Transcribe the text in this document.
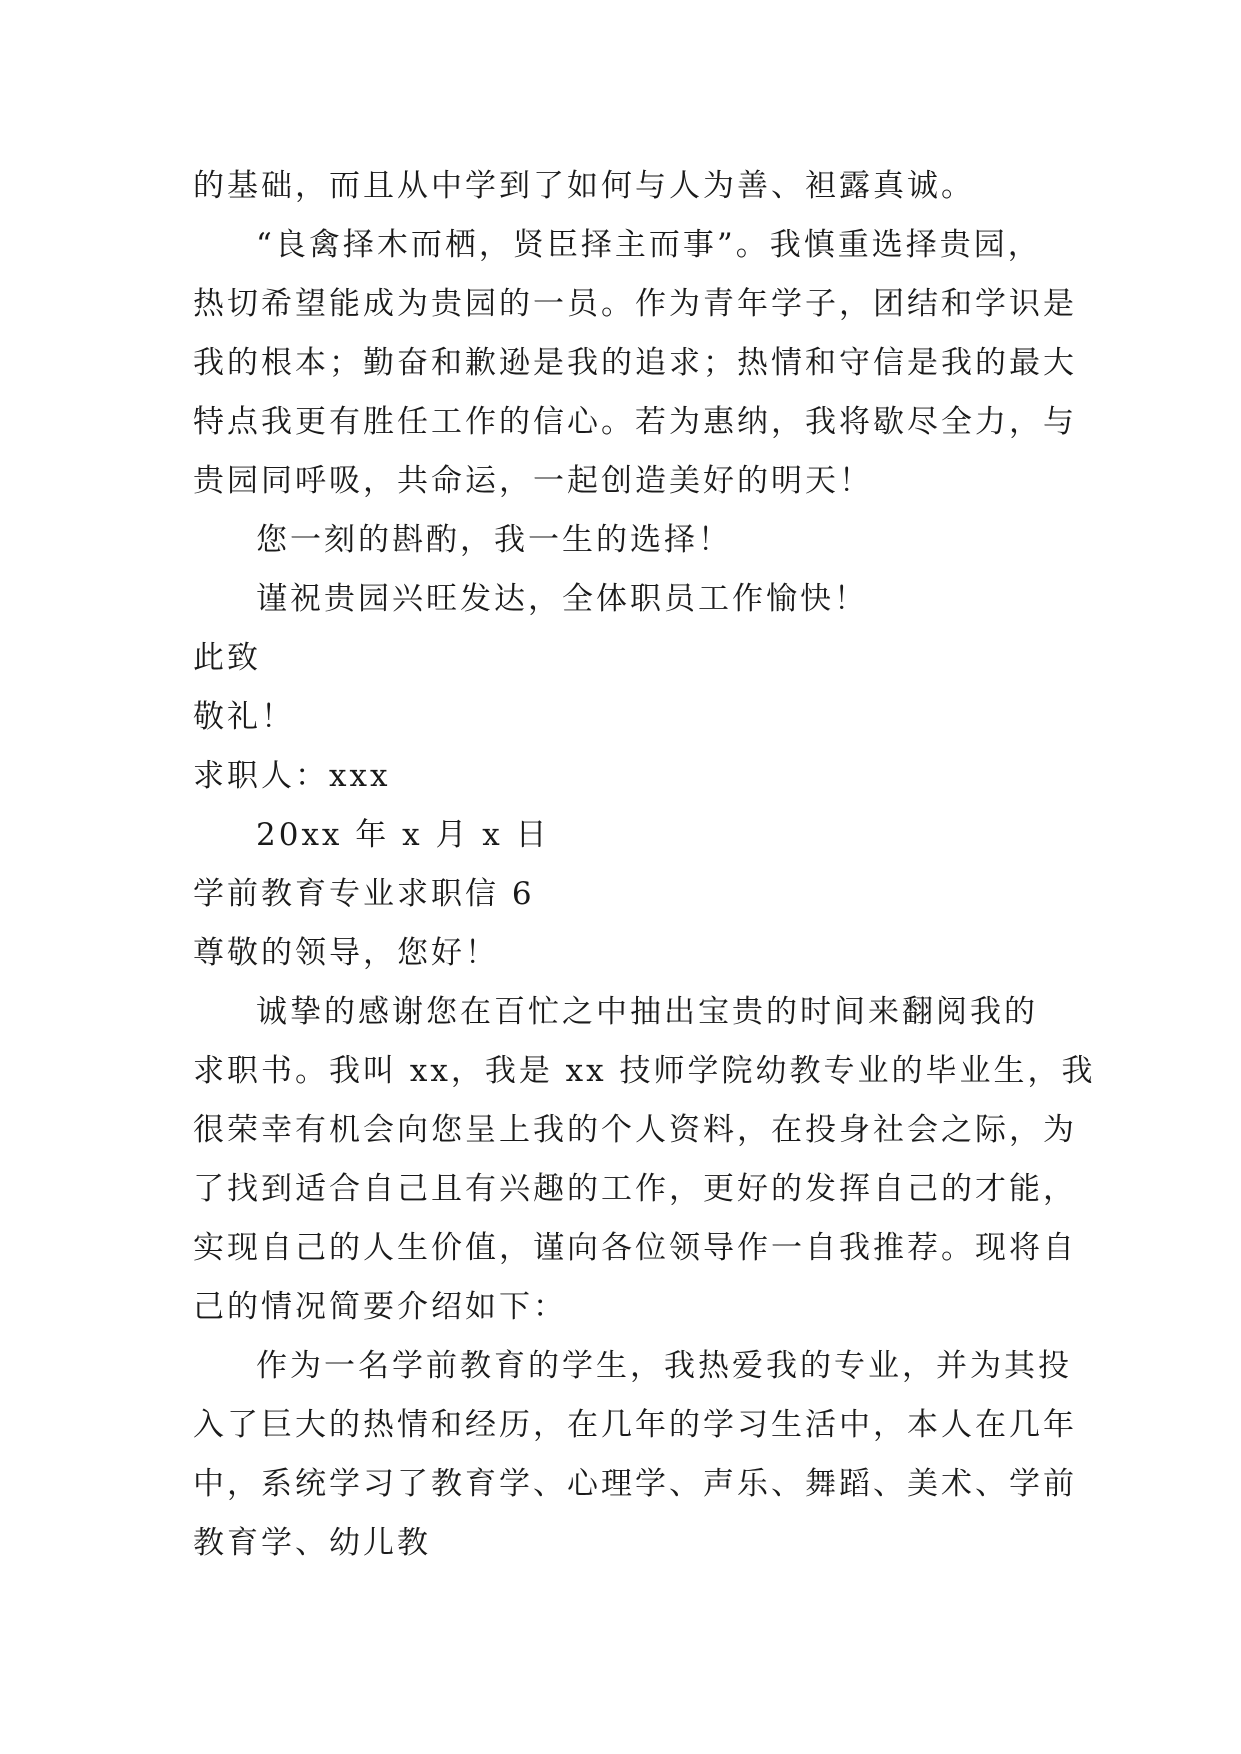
的基础，而且从中学到了如何与人为善、袒露真诚。
“良禽择木而栖，贤臣择主而事”。我慎重选择贵园，
热切希望能成为贵园的一员。作为青年学子，团结和学识是
我的根本；勤奋和歉逊是我的追求；热情和守信是我的最大
特点我更有胜任工作的信心。若为惠纳，我将歇尽全力，与
贵园同呼吸，共命运，一起创造美好的明天！
您一刻的斟酌，我一生的选择！
谨祝贵园兴旺发达，全体职员工作愉快！
此致
敬礼！
求职人：xxx
20xx 年 x 月 x 日
学前教育专业求职信 6
尊敬的领导，您好！
诚挚的感谢您在百忙之中抽出宝贵的时间来翻阅我的
求职书。我叫 xx，我是 xx 技师学院幼教专业的毕业生，我
很荣幸有机会向您呈上我的个人资料，在投身社会之际，为
了找到适合自己且有兴趣的工作，更好的发挥自己的才能，
实现自己的人生价值，谨向各位领导作一自我推荐。现将自
己的情况简要介绍如下：
作为一名学前教育的学生，我热爱我的专业，并为其投
入了巨大的热情和经历，在几年的学习生活中，本人在几年
中，系统学习了教育学、心理学、声乐、舞蹈、美术、学前
教育学、幼儿教
